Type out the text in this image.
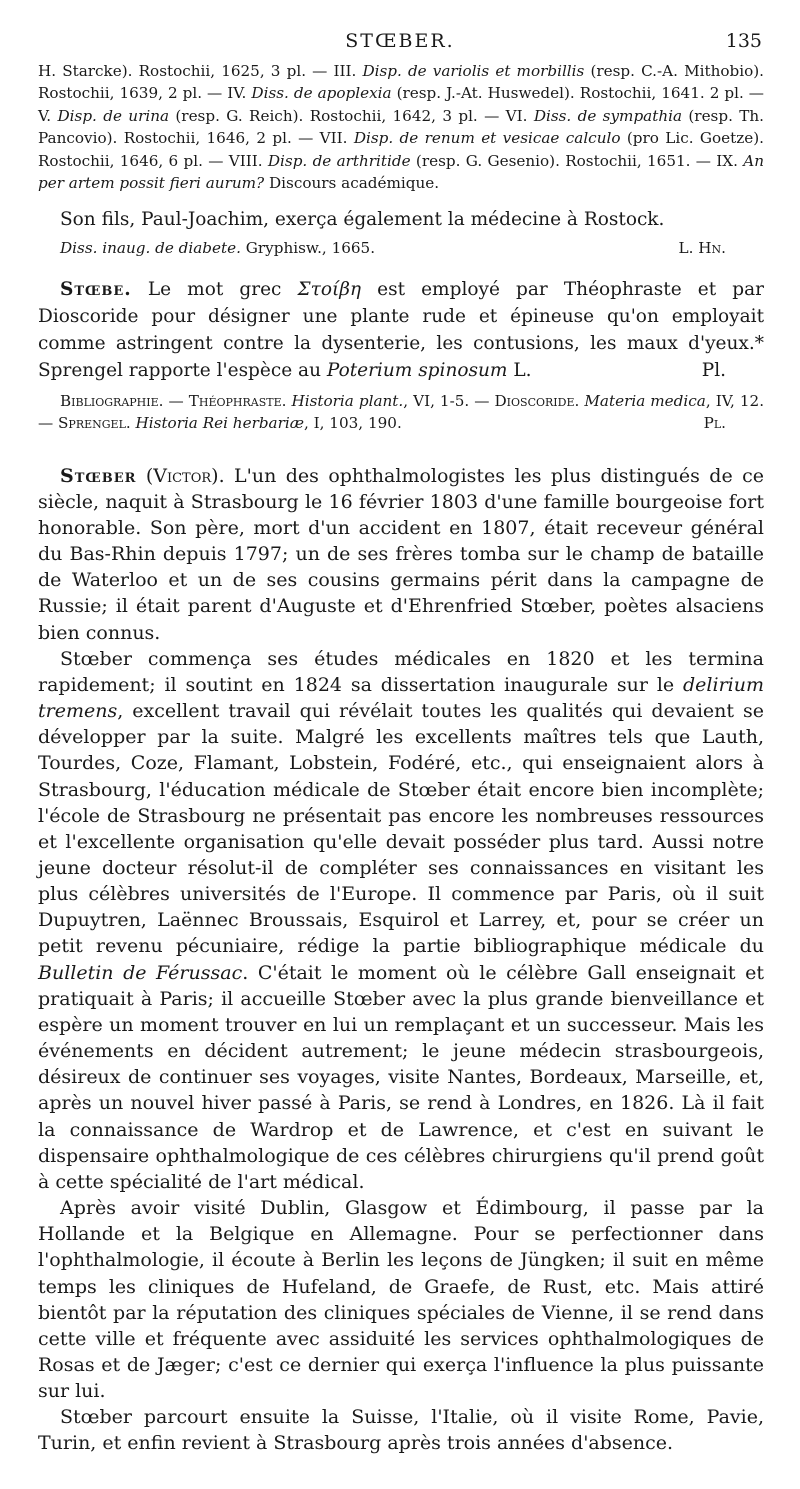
STŒBER.	135

H. Starcke). Rostochii, 1625, 3 pl. — III. Disp. de variolis et morbillis (resp. C.-A. Mithobio). Rostochii, 1639, 2 pl. — IV. Diss. de apoplexia (resp. J.-At. Huswedel). Rostochii, 1641. 2 pl. — V. Disp. de urina (resp. G. Reich). Rostochii, 1642, 3 pl. — VI. Diss. de sympathia (resp. Th. Pancovio). Rostochii, 1646, 2 pl. — VII. Disp. de renum et vesicae calculo (pro Lic. Goetze). Rostochii, 1646, 6 pl. — VIII. Disp. de arthritide (resp. G. Gesenio). Rostochii, 1651. — IX. An per artem possit fieri aurum? Discours académique.

Son fils, Paul-Joachim, exerça également la médecine à Rostock.

Diss. inaug. de diabete. Gryphisw., 1665.	L. Hn.

Stœbe. Le mot grec Στοίβη est employé par Théophraste et par Dioscoride pour désigner une plante rude et épineuse qu'on employait comme astringent contre la dysenterie, les contusions, les maux d'yeux.* Sprengel rapporte l'espèce au Poterium spinosum L.	Pl.

Bibliographie. — Théophraste. Historia plant., VI, 1-5. — Dioscoride. Materia medica, IV, 12. — Sprengel. Historia Rei herbariæ, I, 103, 190.	Pl.

Stœber (Victor). L'un des ophthalmologistes les plus distingués de ce siècle, naquit à Strasbourg le 16 février 1803 d'une famille bourgeoise fort honorable. Son père, mort d'un accident en 1807, était receveur général du Bas-Rhin depuis 1797; un de ses frères tomba sur le champ de bataille de Waterloo et un de ses cousins germains périt dans la campagne de Russie; il était parent d'Auguste et d'Ehrenfried Stœber, poètes alsaciens bien connus.

Stœber commença ses études médicales en 1820 et les termina rapidement; il soutint en 1824 sa dissertation inaugurale sur le delirium tremens, excellent travail qui révélait toutes les qualités qui devaient se développer par la suite. Malgré les excellents maîtres tels que Lauth, Tourdes, Coze, Flamant, Lobstein, Fodéré, etc., qui enseignaient alors à Strasbourg, l'éducation médicale de Stœber était encore bien incomplète; l'école de Strasbourg ne présentait pas encore les nombreuses ressources et l'excellente organisation qu'elle devait posséder plus tard. Aussi notre jeune docteur résolut-il de compléter ses connaissances en visitant les plus célèbres universités de l'Europe. Il commence par Paris, où il suit Dupuytren, Laënnec Broussais, Esquirol et Larrey, et, pour se créer un petit revenu pécuniaire, rédige la partie bibliographique médicale du Bulletin de Férussac. C'était le moment où le célèbre Gall enseignait et pratiquait à Paris; il accueille Stœber avec la plus grande bienveillance et espère un moment trouver en lui un remplaçant et un successeur. Mais les événements en décident autrement; le jeune médecin strasbourgeois, désireux de continuer ses voyages, visite Nantes, Bordeaux, Marseille, et, après un nouvel hiver passé à Paris, se rend à Londres, en 1826. Là il fait la connaissance de Wardrop et de Lawrence, et c'est en suivant le dispensaire ophthalmologique de ces célèbres chirurgiens qu'il prend goût à cette spécialité de l'art médical.

Après avoir visité Dublin, Glasgow et Édimbourg, il passe par la Hollande et la Belgique en Allemagne. Pour se perfectionner dans l'ophthalmologie, il écoute à Berlin les leçons de Jüngken; il suit en même temps les cliniques de Hufeland, de Graefe, de Rust, etc. Mais attiré bientôt par la réputation des cliniques spéciales de Vienne, il se rend dans cette ville et fréquente avec assiduité les services ophthalmologiques de Rosas et de Jæger; c'est ce dernier qui exerça l'influence la plus puissante sur lui.

Stœber parcourt ensuite la Suisse, l'Italie, où il visite Rome, Pavie, Turin, et enfin revient à Strasbourg après trois années d'absence.
